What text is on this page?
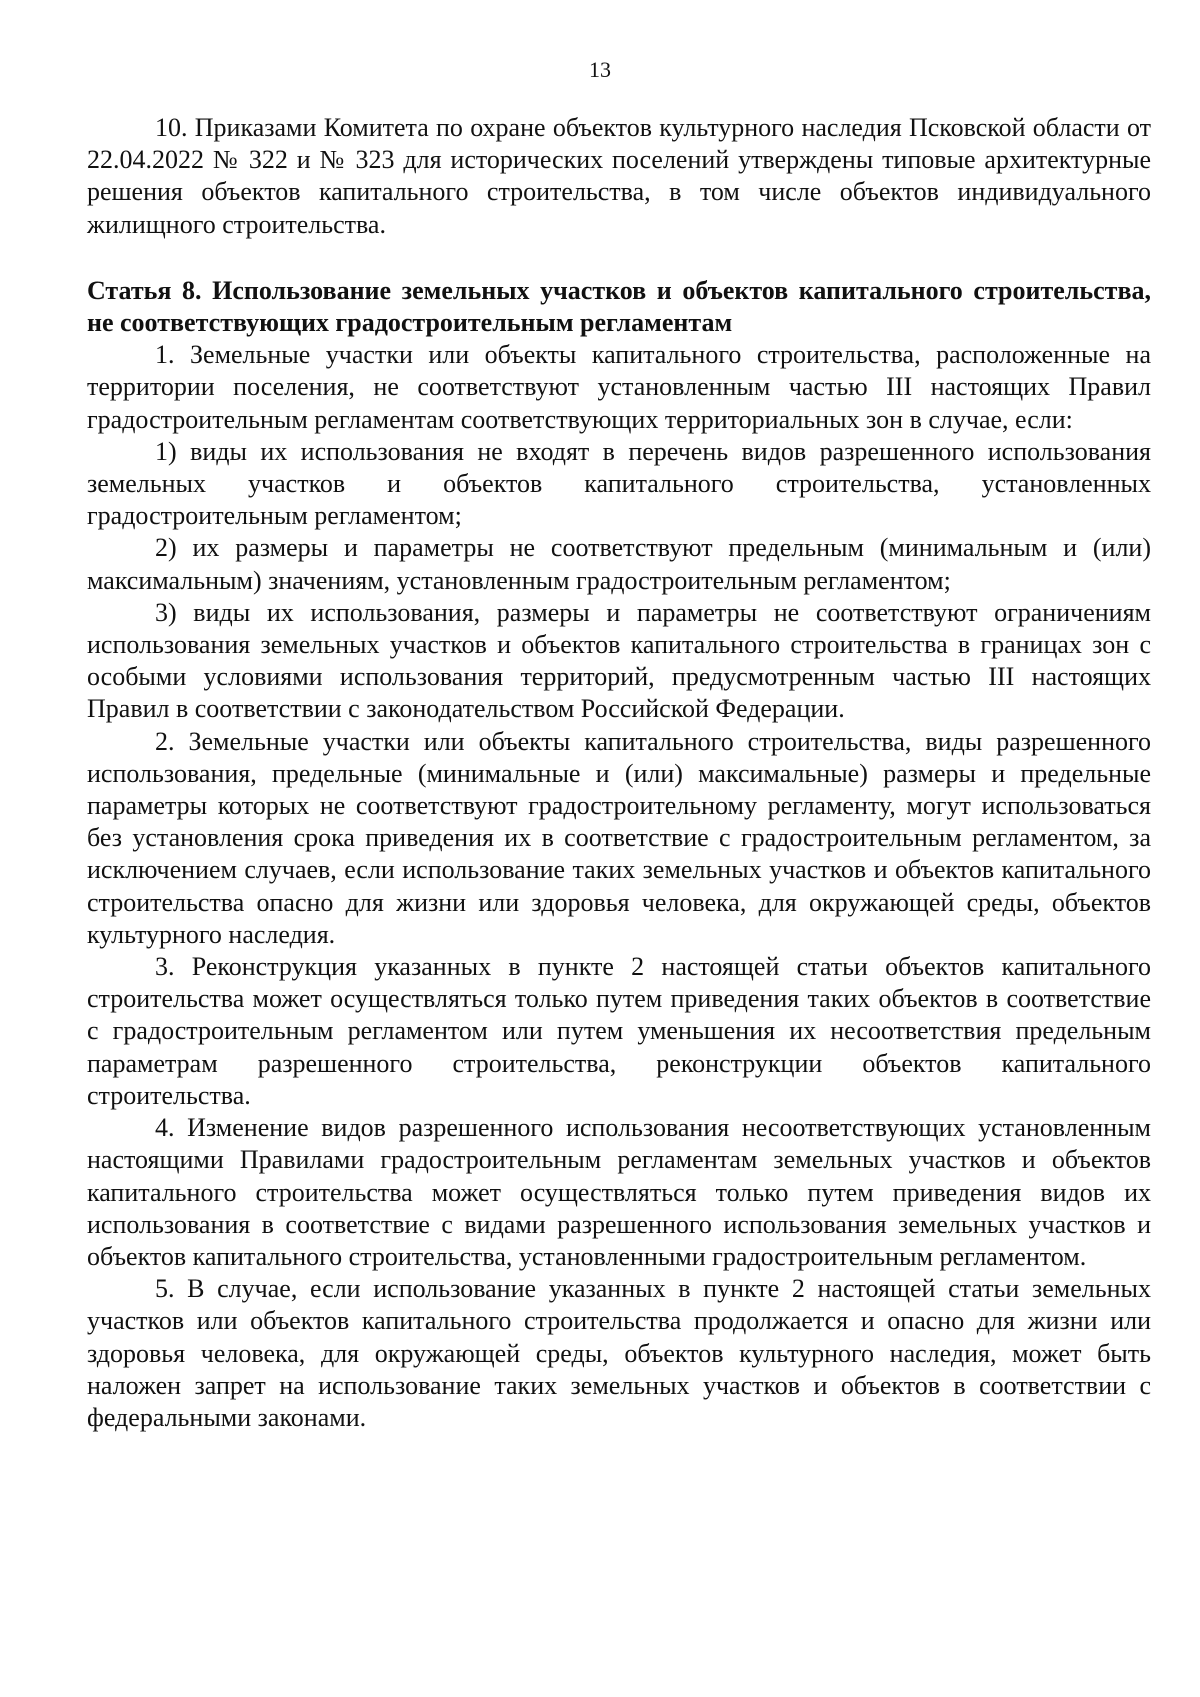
13

10. Приказами Комитета по охране объектов культурного наследия Псковской области от 22.04.2022 № 322 и № 323 для исторических поселений утверждены типовые архитектурные решения объектов капитального строительства, в том числе объектов индивидуального жилищного строительства.

Статья 8. Использование земельных участков и объектов капитального строительства, не соответствующих градостроительным регламентам

1. Земельные участки или объекты капитального строительства, расположенные на территории поселения, не соответствуют установленным частью III настоящих Правил градостроительным регламентам соответствующих территориальных зон в случае, если:

1) виды их использования не входят в перечень видов разрешенного использования земельных участков и объектов капитального строительства, установленных градостроительным регламентом;

2) их размеры и параметры не соответствуют предельным (минимальным и (или) максимальным) значениям, установленным градостроительным регламентом;

3) виды их использования, размеры и параметры не соответствуют ограничениям использования земельных участков и объектов капитального строительства в границах зон с особыми условиями использования территорий, предусмотренным частью III настоящих Правил в соответствии с законодательством Российской Федерации.

2. Земельные участки или объекты капитального строительства, виды разрешенного использования, предельные (минимальные и (или) максимальные) размеры и предельные параметры которых не соответствуют градостроительному регламенту, могут использоваться без установления срока приведения их в соответствие с градостроительным регламентом, за исключением случаев, если использование таких земельных участков и объектов капитального строительства опасно для жизни или здоровья человека, для окружающей среды, объектов культурного наследия.

3. Реконструкция указанных в пункте 2 настоящей статьи объектов капитального строительства может осуществляться только путем приведения таких объектов в соответствие с градостроительным регламентом или путем уменьшения их несоответствия предельным параметрам разрешенного строительства, реконструкции объектов капитального строительства.

4. Изменение видов разрешенного использования несоответствующих установленным настоящими Правилами градостроительным регламентам земельных участков и объектов капитального строительства может осуществляться только путем приведения видов их использования в соответствие с видами разрешенного использования земельных участков и объектов капитального строительства, установленными градостроительным регламентом.

5. В случае, если использование указанных в пункте 2 настоящей статьи земельных участков или объектов капитального строительства продолжается и опасно для жизни или здоровья человека, для окружающей среды, объектов культурного наследия, может быть наложен запрет на использование таких земельных участков и объектов в соответствии с федеральными законами.
